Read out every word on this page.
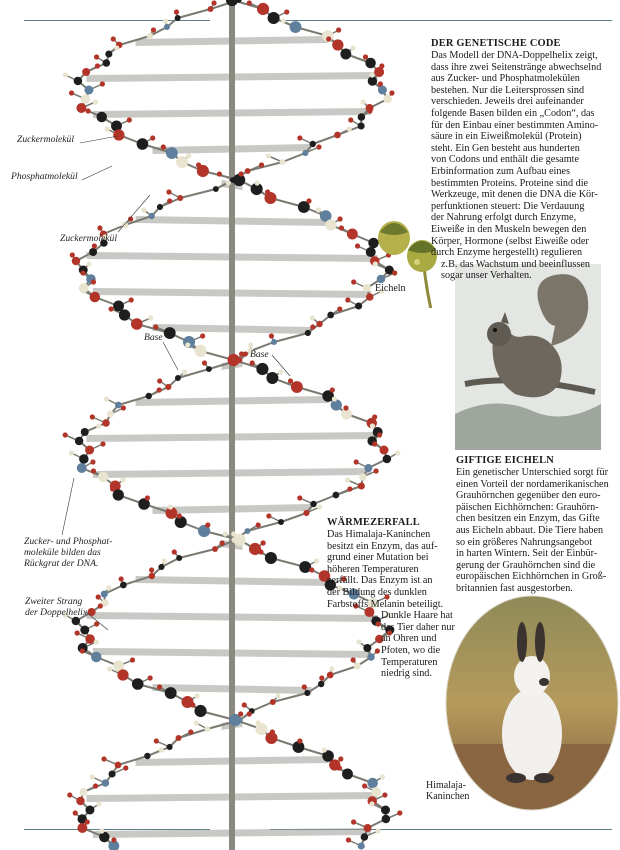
Zuckermolekül
Phosphatmolekül
Zuckermolekül
Base
Base
Zucker- und Phosphat-
moleküle bilden das
Rückgrat der DNA.
Zweiter Strang
der Doppelhelix
Eicheln
DER GENETISCHE CODE
Das Modell der DNA-Doppelhelix zeigt,
dass ihre zwei Seitenstränge abwechselnd
aus Zucker- und Phosphatmolekülen
bestehen. Nur die Leitersprossen sind
verschieden. Jeweils drei aufeinander
folgende Basen bilden ein „Codon“, das
für den Einbau einer bestimmten Amino-
säure in ein Eiweißmolekül (Protein)
steht. Ein Gen besteht aus hunderten
von Codons und enthält die gesamte
Erbinformation zum Aufbau eines
bestimmten Proteins. Proteine sind die
Werkzeuge, mit denen die DNA die Kör-
perfunktionen steuert: Die Verdauung
der Nahrung erfolgt durch Enzyme,
Eiweiße in den Muskeln bewegen den
Körper, Hormone (selbst Eiweiße oder
durch Enzyme hergestellt) regulieren
z.B. das Wachstum und beeinflussen
sogar unser Verhalten.
GIFTIGE EICHELN
Ein genetischer Unterschied sorgt für
einen Vorteil der nordamerikanischen
Grauhörnchen gegenüber den euro-
päischen Eichhörnchen: Grauhörn-
chen besitzen ein Enzym, das Gifte
aus Eicheln abbaut. Die Tiere haben
so ein größeres Nahrungsangebot
in harten Wintern. Seit der Einbür-
gerung der Grauhörnchen sind die
europäischen Eichhörnchen in Groß-
britannien fast ausgestorben.
WÄRMEZERFALL
Das Himalaja-Kaninchen
besitzt ein Enzym, das auf-
grund einer Mutation bei
höheren Temperaturen
zerfällt. Das Enzym ist an
der Bildung des dunklen
Farbstoffs Melanin beteiligt.
Dunkle Haare hat
das Tier daher nur
an Ohren und
Pfoten, wo die
Temperaturen
niedrig sind.
Himalaja-
Kaninchen
